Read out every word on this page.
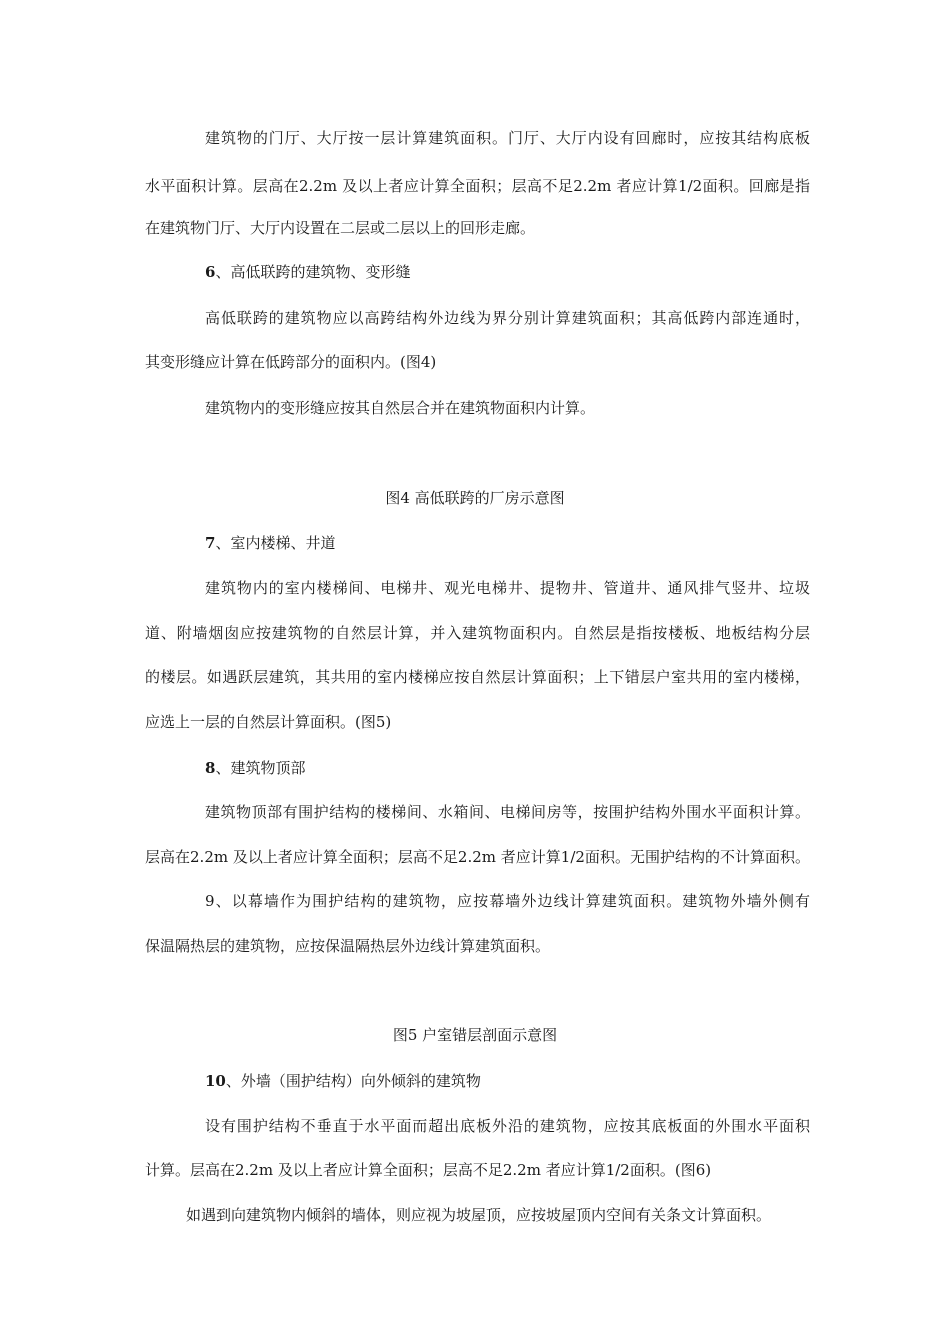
建筑物的门厅、大厅按一层计算建筑面积。门厅、大厅内设有回廊时，应按其结构底板
水平面积计算。层高在2.2m 及以上者应计算全面积；层高不足2.2m 者应计算1/2面积。回廊是指
在建筑物门厅、大厅内设置在二层或二层以上的回形走廊。
6、高低联跨的建筑物、变形缝
高低联跨的建筑物应以高跨结构外边线为界分别计算建筑面积；其高低跨内部连通时，
其变形缝应计算在低跨部分的面积内。(图4)
建筑物内的变形缝应按其自然层合并在建筑物面积内计算。
图4 高低联跨的厂房示意图
7、室内楼梯、井道
建筑物内的室内楼梯间、电梯井、观光电梯井、提物井、管道井、通风排气竖井、垃圾
道、附墙烟囱应按建筑物的自然层计算，并入建筑物面积内。自然层是指按楼板、地板结构分层
的楼层。如遇跃层建筑，其共用的室内楼梯应按自然层计算面积；上下错层户室共用的室内楼梯，
应选上一层的自然层计算面积。(图5)
8、建筑物顶部
建筑物顶部有围护结构的楼梯间、水箱间、电梯间房等，按围护结构外围水平面积计算。
层高在2.2m 及以上者应计算全面积；层高不足2.2m 者应计算1/2面积。无围护结构的不计算面积。
9、以幕墙作为围护结构的建筑物，应按幕墙外边线计算建筑面积。建筑物外墙外侧有
保温隔热层的建筑物，应按保温隔热层外边线计算建筑面积。
图5 户室错层剖面示意图
10、外墙（围护结构）向外倾斜的建筑物
设有围护结构不垂直于水平面而超出底板外沿的建筑物，应按其底板面的外围水平面积
计算。层高在2.2m 及以上者应计算全面积；层高不足2.2m 者应计算1/2面积。(图6)
如遇到向建筑物内倾斜的墙体，则应视为坡屋顶，应按坡屋顶内空间有关条文计算面积。
